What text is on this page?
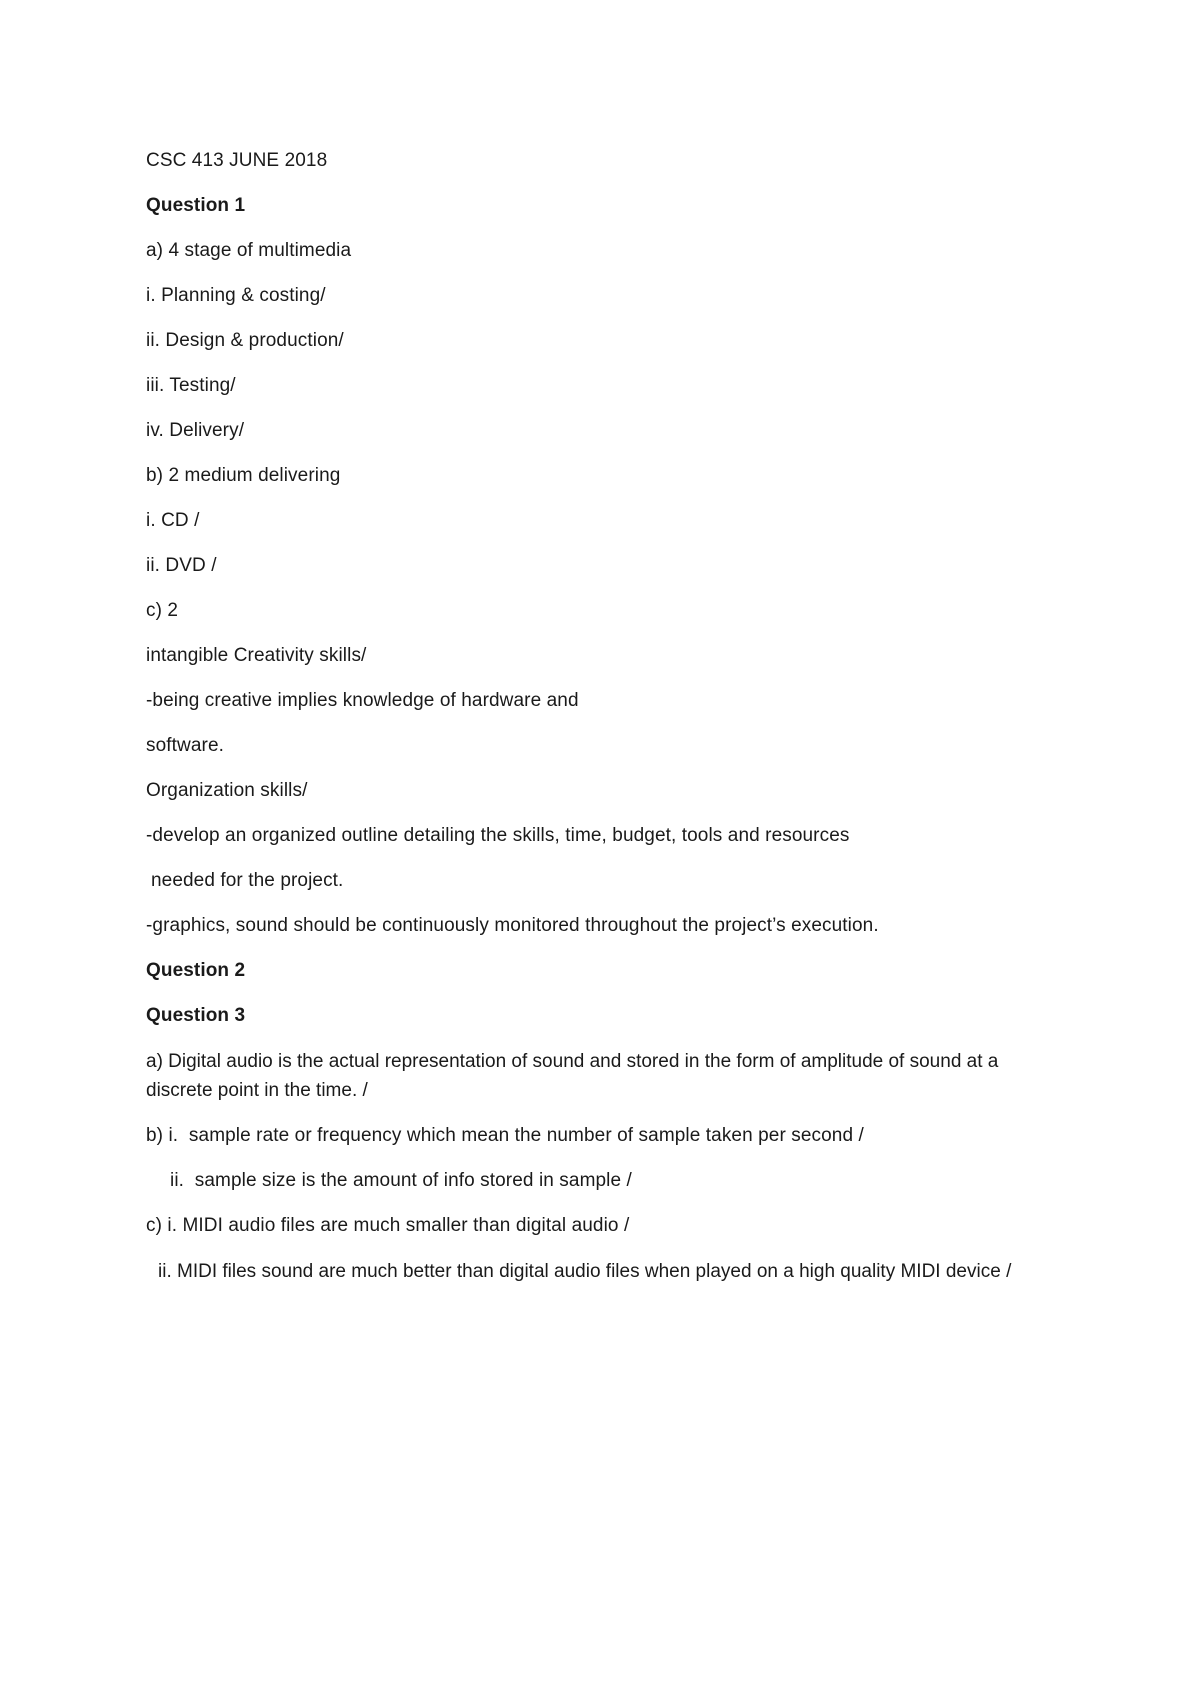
CSC 413 JUNE 2018

Question 1

a) 4 stage of multimedia

i. Planning & costing/

ii. Design & production/

iii. Testing/

iv. Delivery/

b) 2 medium delivering

i. CD /

ii. DVD /

c) 2

intangible Creativity skills/

-being creative implies knowledge of hardware and

software.

Organization skills/

-develop an organized outline detailing the skills, time, budget, tools and resources

needed for the project.

-graphics, sound should be continuously monitored throughout the project’s execution.

Question 2

Question 3

a) Digital audio is the actual representation of sound and stored in the form of amplitude of sound at a discrete point in the time. /

b) i.  sample rate or frequency which mean the number of sample taken per second /

ii.  sample size is the amount of info stored in sample /

c) i. MIDI audio files are much smaller than digital audio /

ii. MIDI files sound are much better than digital audio files when played on a high quality MIDI device /
